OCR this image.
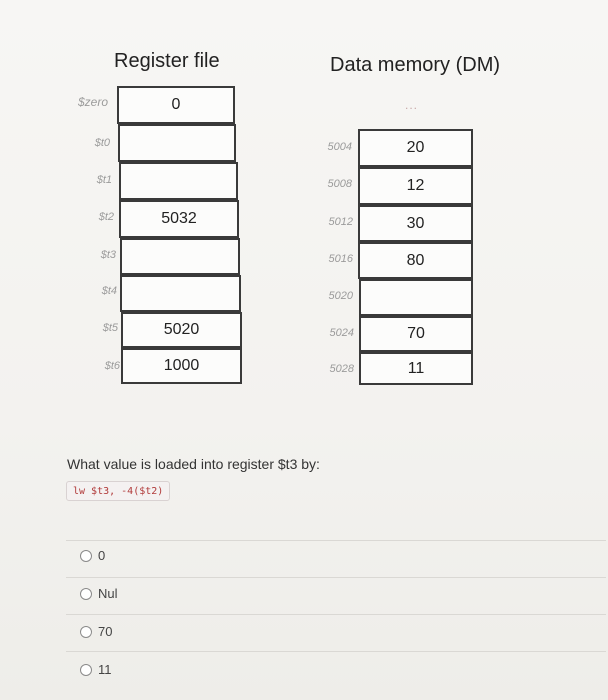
Register file	Data memory (DM)
$zero	0
$t0
$t1
$t2	5032
$t3
$t4
$t5	5020
$t6	1000
...
5004	20
5008	12
5012	30
5016	80
5020
5024	70
5028	11
What value is loaded into register $t3 by:
lw $t3, -4($t2)
0
Nul
70
11
